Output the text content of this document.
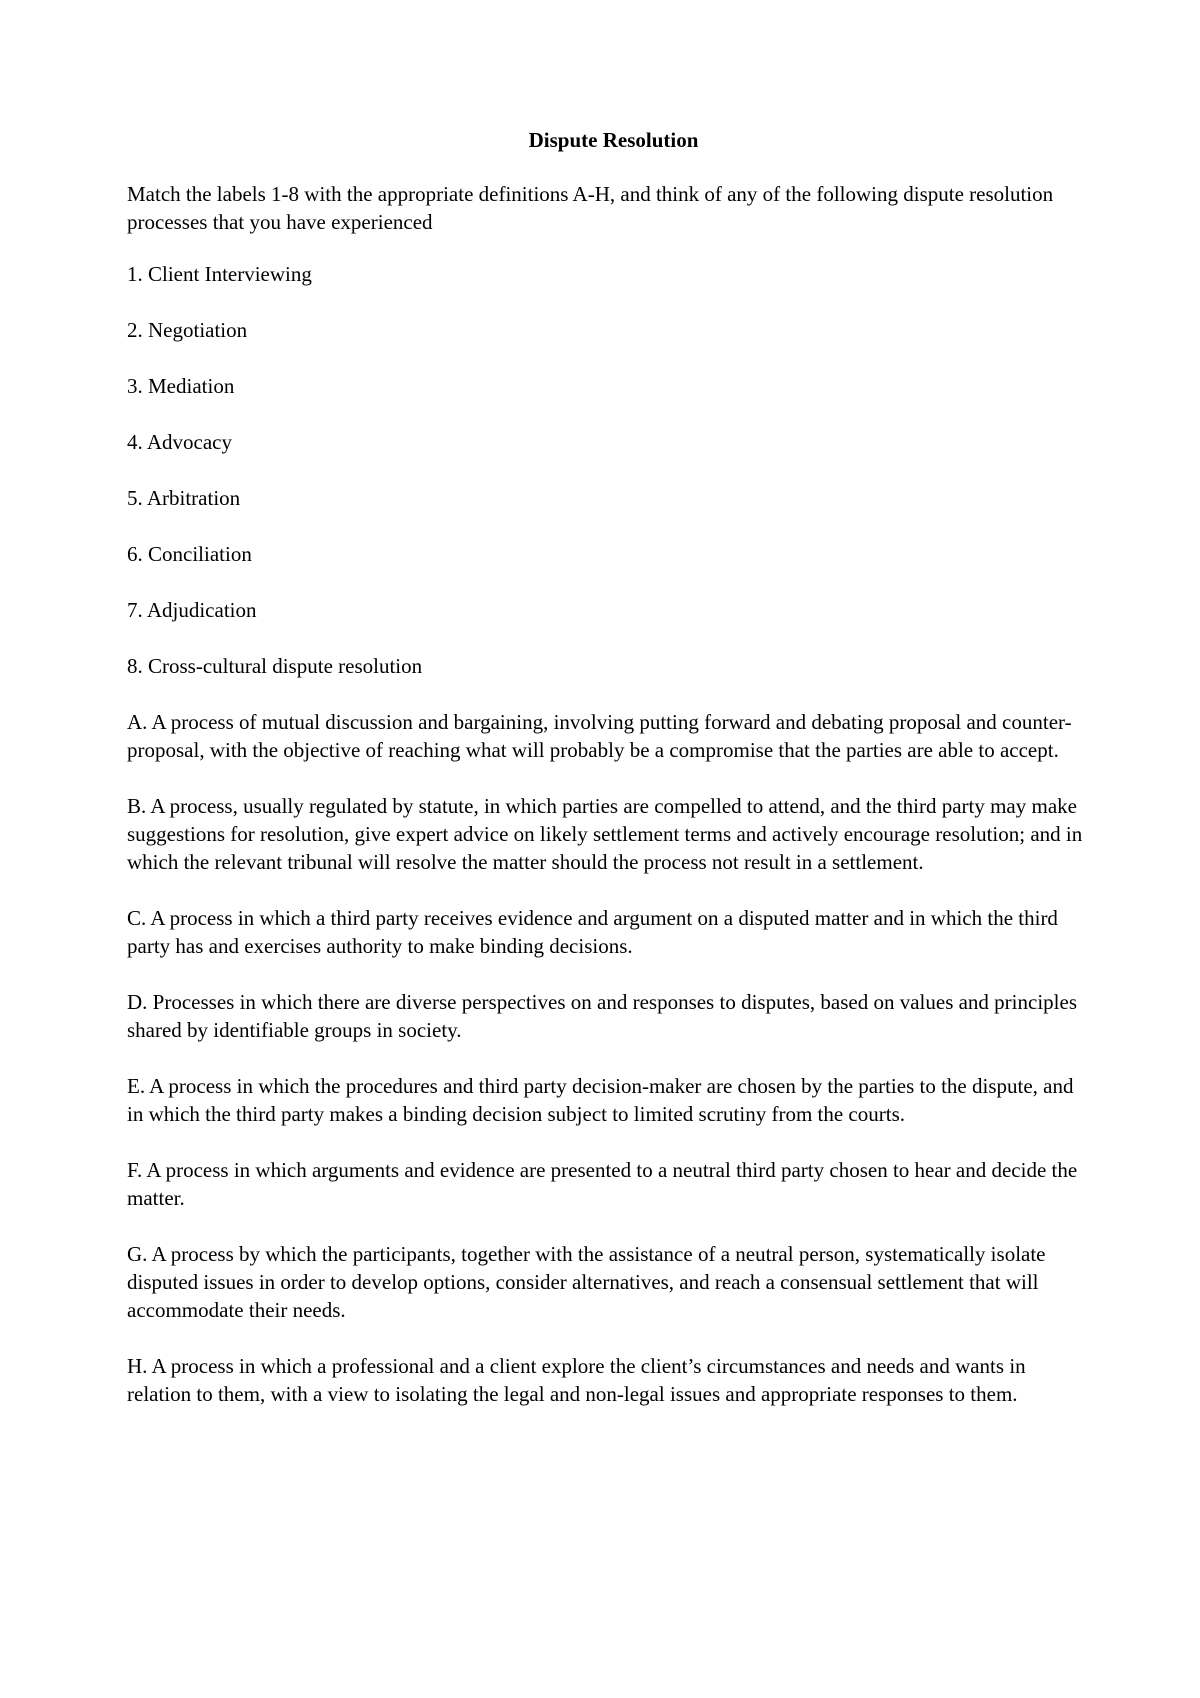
Dispute Resolution
Match the labels 1-8 with the appropriate definitions A-H, and think of any of the following dispute resolution processes that you have experienced
1. Client Interviewing
2. Negotiation
3. Mediation
4. Advocacy
5. Arbitration
6. Conciliation
7. Adjudication
8. Cross-cultural dispute resolution
A. A process of mutual discussion and bargaining, involving putting forward and debating proposal and counter-proposal, with the objective of reaching what will probably be a compromise that the parties are able to accept.
B. A process, usually regulated by statute, in which parties are compelled to attend, and the third party may make suggestions for resolution, give expert advice on likely settlement terms and actively encourage resolution; and in which the relevant tribunal will resolve the matter should the process not result in a settlement.
C. A process in which a third party receives evidence and argument on a disputed matter and in which the third party has and exercises authority to make binding decisions.
D. Processes in which there are diverse perspectives on and responses to disputes, based on values and principles shared by identifiable groups in society.
E. A process in which the procedures and third party decision-maker are chosen by the parties to the dispute, and in which the third party makes a binding decision subject to limited scrutiny from the courts.
F. A process in which arguments and evidence are presented to a neutral third party chosen to hear and decide the matter.
G. A process by which the participants, together with the assistance of a neutral person, systematically isolate disputed issues in order to develop options, consider alternatives, and reach a consensual settlement that will accommodate their needs.
H. A process in which a professional and a client explore the client’s circumstances and needs and wants in relation to them, with a view to isolating the legal and non-legal issues and appropriate responses to them.
